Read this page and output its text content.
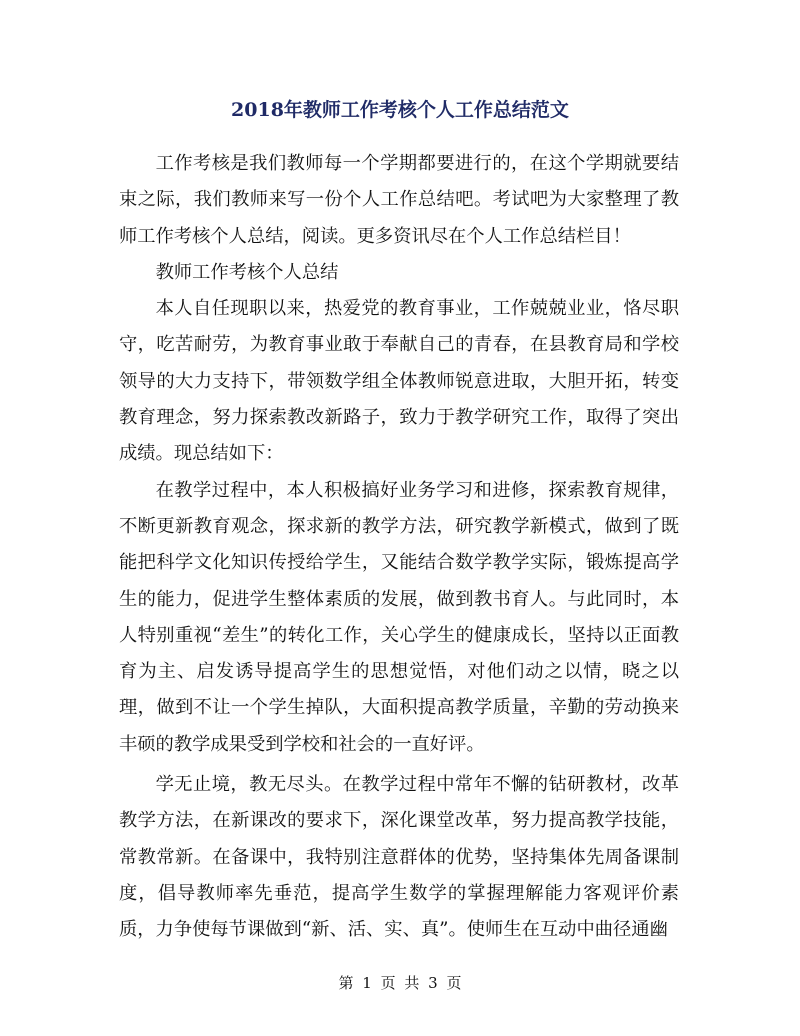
2018年教师工作考核个人工作总结范文

工作考核是我们教师每一个学期都要进行的，在这个学期就要结束之际，我们教师来写一份个人工作总结吧。考试吧为大家整理了教师工作考核个人总结，阅读。更多资讯尽在个人工作总结栏目！

教师工作考核个人总结

本人自任现职以来，热爱党的教育事业，工作兢兢业业，恪尽职守，吃苦耐劳，为教育事业敢于奉献自己的青春，在县教育局和学校领导的大力支持下，带领数学组全体教师锐意进取，大胆开拓，转变教育理念，努力探索教改新路子，致力于教学研究工作，取得了突出成绩。现总结如下：

在教学过程中，本人积极搞好业务学习和进修，探索教育规律，不断更新教育观念，探求新的教学方法，研究教学新模式，做到了既能把科学文化知识传授给学生，又能结合数学教学实际，锻炼提高学生的能力，促进学生整体素质的发展，做到教书育人。与此同时，本人特别重视“差生”的转化工作，关心学生的健康成长，坚持以正面教育为主、启发诱导提高学生的思想觉悟，对他们动之以情，晓之以理，做到不让一个学生掉队，大面积提高教学质量，辛勤的劳动换来丰硕的教学成果受到学校和社会的一直好评。

学无止境，教无尽头。在教学过程中常年不懈的钻研教材，改革教学方法，在新课改的要求下，深化课堂改革，努力提高教学技能，常教常新。在备课中，我特别注意群体的优势，坚持集体先周备课制度，倡导教师率先垂范，提高学生数学的掌握理解能力客观评价素质，力争使每节课做到“新、活、实、真”。使师生在互动中曲径通幽

第 1 页 共 3 页
